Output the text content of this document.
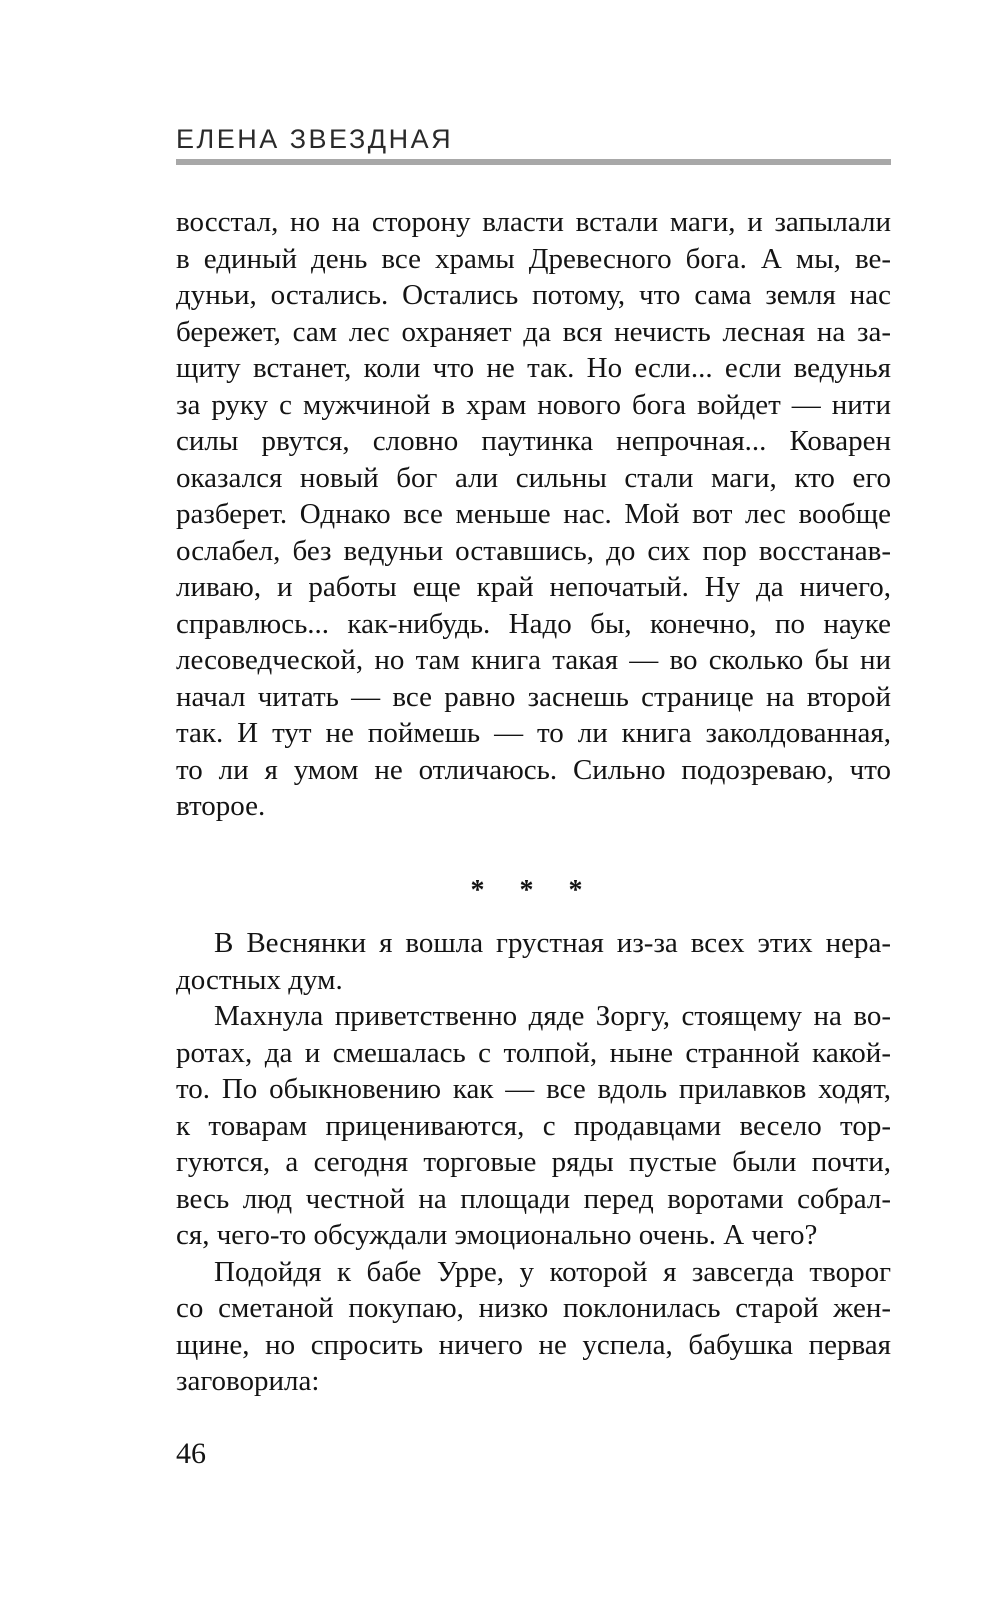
ЕЛЕНА ЗВЕЗДНАЯ
восстал, но на сторону власти встали маги, и запылали
в единый день все храмы Древесного бога. А мы, ве-
дуньи, остались. Остались потому, что сама земля нас
бережет, сам лес охраняет да вся нечисть лесная на за-
щиту встанет, коли что не так. Но если... если ведунья
за руку с мужчиной в храм нового бога войдет — нити
силы рвутся, словно паутинка непрочная... Коварен
оказался новый бог али сильны стали маги, кто его
разберет. Однако все меньше нас. Мой вот лес вообще
ослабел, без ведуньи оставшись, до сих пор восстанав-
ливаю, и работы еще край непочатый. Ну да ничего,
справлюсь... как-нибудь. Надо бы, конечно, по науке
лесоведческой, но там книга такая — во сколько бы ни
начал читать — все равно заснешь странице на второй
так. И тут не поймешь — то ли книга заколдованная,
то ли я умом не отличаюсь. Сильно подозреваю, что
второе.
* * *
В Веснянки я вошла грустная из-за всех этих нера-
достных дум.
Махнула приветственно дяде Зоргу, стоящему на во-
ротах, да и смешалась с толпой, ныне странной какой-
то. По обыкновению как — все вдоль прилавков ходят,
к товарам прицениваются, с продавцами весело тор-
гуются, а сегодня торговые ряды пустые были почти,
весь люд честной на площади перед воротами собрал-
ся, чего-то обсуждали эмоционально очень. А чего?
Подойдя к бабе Урре, у которой я завсегда творог
со сметаной покупаю, низко поклонилась старой жен-
щине, но спросить ничего не успела, бабушка первая
заговорила:
46
